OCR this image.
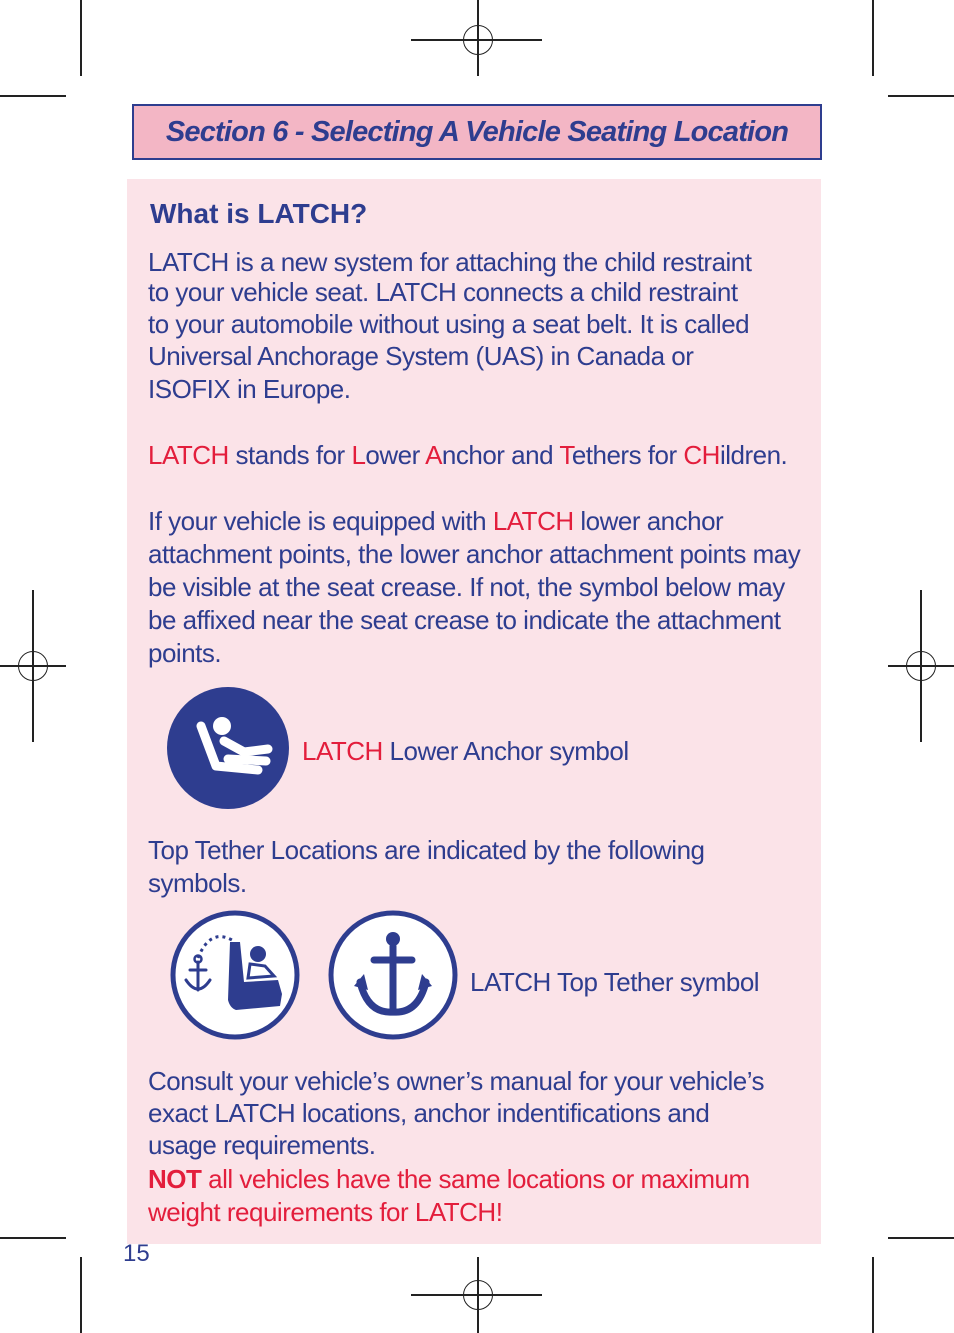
Section 6 - Selecting A Vehicle Seating Location
What is LATCH?
LATCH is a new system for attaching the child restraint
to your vehicle seat. LATCH connects a child restraint
to your automobile without using a seat belt. It is called
Universal Anchorage System (UAS) in Canada or
ISOFIX in Europe.
LATCH stands for Lower Anchor and Tethers for CHildren.
If your vehicle is equipped with LATCH lower anchor
attachment points, the lower anchor attachment points may
be visible at the seat crease. If not, the symbol below may
be affixed near the seat crease to indicate the attachment
points.
LATCH Lower Anchor symbol
Top Tether Locations are indicated by the following
symbols.
LATCH Top Tether symbol
Consult your vehicle’s owner’s manual for your vehicle’s
exact LATCH locations, anchor indentifications and
usage requirements.
NOT all vehicles have the same locations or maximum
weight requirements for LATCH!
15
